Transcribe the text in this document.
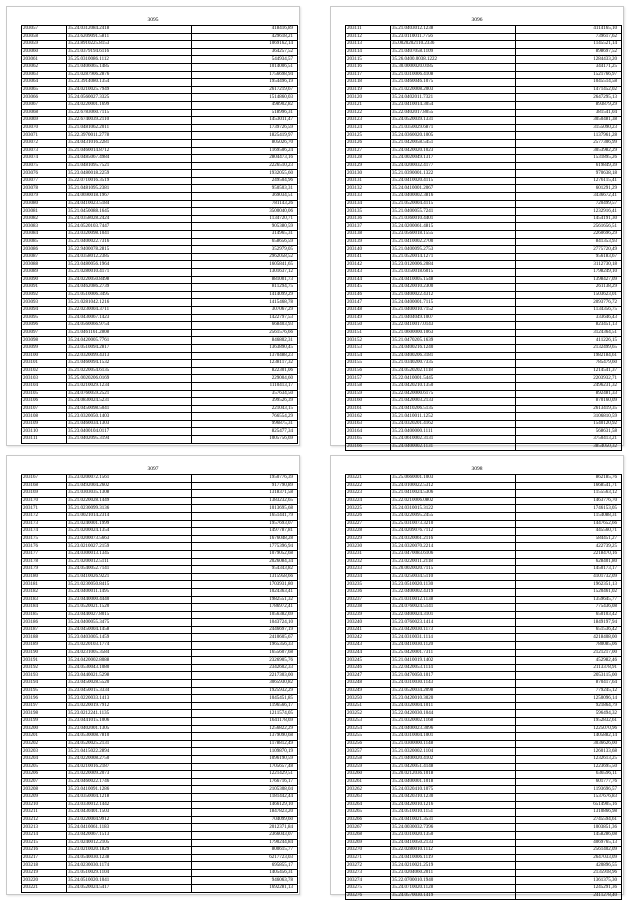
3095
203057	35.24.0312084.2418	418416,89
203058	35.23.6209091.5811	429618,21
203059	35.23.8910225.8153	1069162,14
203060	35.21.0379194.6116	364257,52
203061	35.25.0310086.1112	544934,57
203062	35.21.0406065.1485	1014006,51
203063	35.21.0287906.2876	1756698,94
203064	35.23.3914080.1354	1954496,19
203065	35.24.0210025.7949	2617219,67
203066	35.24.0560027.3325	1514860,03
203067	35.24.0220001.1699	498902,82
203068	35.22.6783060.7115	518996,31
203069	35.22.6740039.2110	1453011,47
203070	35.21.0481062.2011	1739726,59
203071	35.22.3970011.2778	1825419,97
203072	35.24.0431016.2281	805026,70
203073	35.21.0460014.8712	1169506,24
203074	35.24.0485067.4984	2804473,16
203075	35.21.0481095.7521	2226510,23
203076	35.23.0480018.2259	1932055,60
203077	35.22.0710016.3519	249504,96
203078	35.21.0481095.2381	950503,31
203079	35.24.0690018.1967	369034,51
203080	35.24.0410023.5184	781143,26
203081	35.21.0450088.1645	3500040,06
203082	35.24.0358028.2424	1134720,71
203083	35.24.0520103.7447	905380,59
203084	35.23.0320098.1041	314965,31
203085	35.21.0400022.7316	658656,59
203086	35.22.9400078.2815	352979,05
203087	35.24.0358012.2385	2962058,52
203088	35.23.0480056.1964	1605841,65
203089	35.21.0280010.4171	1301637,12
203090	35.24.0220050.8498	881001,73
203091	35.24.0462086.2739	811294,75
203092	35.21.0510006.3495	1414099,29
203093	35.21.0281042.1216	1415468,78
203094	35.22.0230004.3711	307067,29
203095	35.24.0430067.1423	1422797,53
203096	35.24.0560066.9754	668403,93
203097	35.21.0461161.2808	2561576,66
203098	35.24.0420005.7761	846802,31
203099	35.23.0510094.2817	1363890,45
203100	35.22.0320099.4313	1370488,23
203101	35.21.0460094.1532	1238117,32
203102	35.21.0220054.6135	822301,06
203103	35.25.0020206.0169	229004,60
203104	35.21.0210029.1234	1110413,17
203105	35.24.0760059.2521	357634,50
203106	35.24.0830024.5231	399526,39
203107	35.24.0450098.5041	221043,15
203108	35.23.0320050.1403	766554,29
203109	35.21.0460034.1303	996875,31
203110	35.23.0400104.0117	825477,34
203111	35.21.0402095.3194	1005756,69
3096
203111	35.21.0403012.1238	4114165,10
203112	35.23.0110011.7756	739617,62
203113	35.0020202110.2336	1145521,14
203114	35.21.0407058.1109	898697,52
203115	35.26.0400.0038.1222	1284433,20
203116	35.30.0000020.0185	344171,25
203117	35.21.0310006.4108	1521766,97
203118	35.21.0460046.1075	1045514,58
203119	35.21.0220008.2003	1471452,02
203120	35.24.0402011.7321	2647295,13
203121	35.23.0410014.3054	893879,29
203122	35.22.0402017.8055	381541,04
203123	35.24.0520039.1331	3050481,38
203124	35.21.0350029.6871	3155090,23
203125	35.24.0360020.1005	1137961,28
203126	35.21.0420058.5451	2577306,99
203127	35.24.0420020.1023	3053982,29
203128	35.24.0020049.1317	1531895,26
203129	35.24.0200032.4177	619849,39
203130	35.21.0390001.1322	970638,18
203131	35.24.0410020.4115	1276115,41
203132	35.24.0410001.2067	601291,29
203133	35.24.0400002.3816	3436672,41
203134	35.21.0520004.4115	720499,57
203135	35.21.0400055.7241	1232916,41
203136	35.21.0360010.4401	1454191,30
203137	35.24.0200061.4815	2561656,51
203138	35.23.0560018.1555	2260696,29
203139	35.21.0410002.2700	841353,93
203140	35.21.0400095.2753	2775720,49
203141	35.21.0520014.1271	956183,67
203142	35.23.0120006.2084	3112730,18
203143	35.21.0350018.6015	1798249,10
203144	35.24.0410005.1548	1398427,09
203145	35.24.0420010.2300	261138,29
203146	35.21.0400022.4312	1503623,01
203147	35.24.0400001.7115	2093776,72
203148	35.21.0400010.7152	1134356,75
203149	35.21.0404049.1007	333646,43
203150	35.22.0410017.0143	823451,13
203151	35.21.0600000.1063	3124364,51
203152	35.21.0470205.1639	411226,15
203153	35.24.0400216.1240	2132499,65
203154	35.24.0400206.3181	1982184,61
203155	35.21.0340200.7335	785479,60
203156	35.24.0520202.1118	1214541,37
203157	35.22.0410001.5445	2203932,71
203158	35.24.0420210.1350	2496231,32
203159	35.22.0420000.6175	892481,33
203160	35.21.0420003.2133	870160,09
203161	35.24.0410206.5135	2613419,35
203162	35.21.0410011.1252	3106810,59
203163	35.24.0320201.4162	1540120,92
203164	35.23.0400000.1111	568631,58
203165	35.24.0610002.3131	3750413,21
203166	35.24.0400002.1131	3854050,32
3097
203167	35.23.0200072.1561	1950776,39
203168	35.21.0492004.2602	917790,89
203169	35.21.0303035.1308	1318371,58
203170	35.21.0220028.1449	1383232,65
203171	35.21.0230099.3136	1013695,68
203172	35.21.0021014.2314	1651441,79
203173	35.21.0240001.1999	1957693,07
203174	35.21.0200024.1354	1497787,81
203175	35.23.0200073.5663	1676048,28
203176	35.23.0210027.2159	1775396,94
203177	35.24.0300013.1345	1079052,68
203178	35.21.0200012.5111	2026084,34
203179	35.24.0540052.7141	954343,82
203180	35.21.0410026.9221	1315958,66
203181	35.21.0230050.8415	1703931,80
203182	35.24.0400011.1495	1024363,41
203183	35.23.0440000.4440	1982551,32
203184	35.21.0520021.1520	1786972,41
203185	35.23.0440027.8015	1056382,69
203186	35.24.0400055.3475	1043724,10
203187	35.24.0450004.1458	2446697,19
203188	35.23.0403005.1459	2410605,67
203189	35.21.0220103.1774	1965356,33
203190	35.24.0231005.3584	1655607,68
203191	35.24.0420002.8088	2326905,76
203192	35.24.0530043.1080	2342602,33
203193	35.23.0440021.5298	2217303,00
203194	35.23.0450028.5520	3065930,82
203195	35.23.0450015.3334	1925932,29
203196	35.23.0220033.1413	1045451,85
203197	35.21.0220019.7912	1196566,17
203198	35.23.0212241.1135	1211574,05
203199	35.23.0441015.1006	1641178,69
203200	35.23.0402001.1305	1256822,29
203201	35.24.0530008.7810	1379090,68
203202	35.24.0520025.2131	1178812,49
203203	35.21.0415022.2894	1109870,19
203204	35.24.0220008.2750	1096190,59
203205	35.24.0210016.2187	1705657,48
203206	35.21.0220009.2073	1221429,51
203207	35.24.0460022.1746	1766716,17
203208	35.23.0410091.1286	2105308,04
203209	35.24.0350004.1218	1181442,44
203210	35.23.0330012.1442	1466129,10
203211	35.24.0430401.1503	1847823,20
203212	35.23.0220004.9912	704099,60
203213	35.24.0410061.1183	2012371,84
203214	35.23.0420067.1513	2366043,07
203215	35.21.0240012.2105	1790244,84
203216	35.23.0210020.1829	800615,77
203217	35.24.0540030.1238	6217723,03
203218	35.24.0230030.1174	695855,17
203219	35.21.0510029.1104	1405456,31
203220	35.24.0510020.1041	946063,78
203221	35.24.0520024.5417	1692281,13
3098
203221	35.25.0660001.1003	862185,76
203222	35.24.0100022.5312	1668541,71
203223	35.21.0410024.5306	1155563,12
203224	35.22.0210006.0802	1463776,70
203225	35.24.0310015.3122	1746153,05
203226	35.24.0220095.2455	1154088,31
203227	35.25.0310073.3210	1447652,66
203228	35.24.0209076.7112	445560,71
203229	35.24.0320061.2116	584451,27
203230	35.24.0320070.2214	422739,25
203231	35.23.0470083.6106	2218470,16
203232	35.23.0220011.2118	628401,80
203233	35.20.0020020.7115	1450173,17
203234	35.23.0250034.5110	4101732,09
203235	35.23.0510020.1130	1962351,13
203236	35.22.0400002.4319	1520461,02
203237	35.21.0310012.1138	1359645,77
203238	35.24.0760024.5141	775436,08
203239	35.22.0400024.3101	650103,42
203240	35.23.0760023.1414	1849197,94
203241	35.23.0420030.1173	651536,42
203242	35.24.0310031.1114	4218408,00
203243	35.24.0410030.1120	780085,06
203244	35.25.0420001.7311	2121217,00
203245	35.21.0410019.1402	452982,46
203246	35.22.0420053.1114	2113378,91
203247	35.21.0470050.1017	2053115,00
203248	35.24.0310030.1143	870417,64
203249	35.23.0520034.2098	779245,12
203250	35.23.0420010.3020	1250096,14
203251	35.24.0320004.1011	921864,79
203252	35.22.0420030.1044	596494,32
203253	35.21.0320002.1168	1952832,61
203254	35.24.0400023.3096	1225070,96
203255	35.24.0310004.1001	1405882,14
203256	35.21.0300000.1148	3036626,00
203257	35.21.0320002.1104	1260133,68
203258	35.21.0400020.4102	1232613,25
203259	35.21.0420051.4148	1223695,50
203260	35.20.0212036.1018	636596,11
203261	35.24.0400001.1018	601777,76
203262	35.24.0320410.1075	1193696,57
203263	35.24.0420310.1230	1537676,83
203264	35.24.0420010.1216	6514905,16
203265	35.24.0510010.1151	1310866,98
203266	35.24.0410021.3531	2745594,61
203267	35.24.0030032.7396	1003851,36
203268	35.23.0310020.1350	1458286,08
203269	35.24.0410050.2133	4069765,13
203270	35.22.0280010.1112	2561402,09
203271	35.24.0410006.1119	2647033,09
203272	35.24.0210021.2519	420896,55
203273	35.23.0204060.2011	2135918,96
203274	35.22.0700010.1940	1361375,30
203275	35.24.0710020.1128	1245291,36
203276	35.24.0570030.1419	2411278,40
